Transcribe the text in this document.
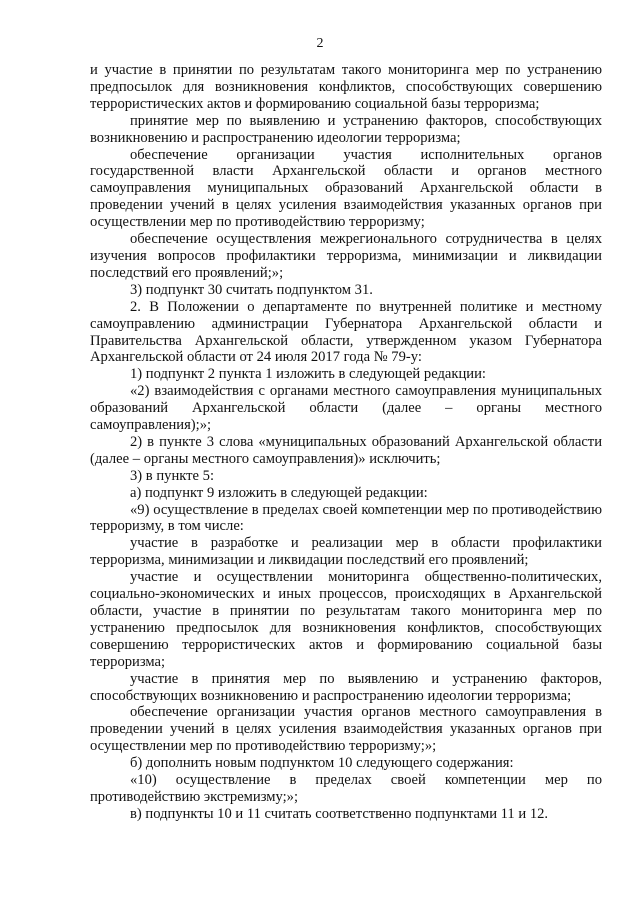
2

и участие в принятии по результатам такого мониторинга мер по устранению предпосылок для возникновения конфликтов, способствующих совершению террористических актов и формированию социальной базы терроризма;

принятие мер по выявлению и устранению факторов, способствующих возникновению и распространению идеологии терроризма;

обеспечение организации участия исполнительных органов государственной власти Архангельской области и органов местного самоуправления муниципальных образований Архангельской области в проведении учений в целях усиления взаимодействия указанных органов при осуществлении мер по противодействию терроризму;

обеспечение осуществления межрегионального сотрудничества в целях изучения вопросов профилактики терроризма, минимизации и ликвидации последствий его проявлений;»;

3) подпункт 30 считать подпунктом 31.

2. В Положении о департаменте по внутренней политике и местному самоуправлению администрации Губернатора Архангельской области и Правительства Архангельской области, утвержденном указом Губернатора Архангельской области от 24 июля 2017 года № 79-у:

1) подпункт 2 пункта 1 изложить в следующей редакции:

«2) взаимодействия с органами местного самоуправления муниципальных образований Архангельской области (далее – органы местного самоуправления);»;

2) в пункте 3 слова «муниципальных образований Архангельской области (далее – органы местного самоуправления)» исключить;

3) в пункте 5:

а) подпункт 9 изложить в следующей редакции:

«9) осуществление в пределах своей компетенции мер по противодействию терроризму, в том числе:

участие в разработке и реализации мер в области профилактики терроризма, минимизации и ликвидации последствий его проявлений;

участие и осуществлении мониторинга общественно-политических, социально-экономических и иных процессов, происходящих в Архангельской области, участие в принятии по результатам такого мониторинга мер по устранению предпосылок для возникновения конфликтов, способствующих совершению террористических актов и формированию социальной базы терроризма;

участие в принятия мер по выявлению и устранению факторов, способствующих возникновению и распространению идеологии терроризма;

обеспечение организации участия органов местного самоуправления в проведении учений в целях усиления взаимодействия указанных органов при осуществлении мер по противодействию терроризму;»;

б) дополнить новым подпунктом 10 следующего содержания:

«10) осуществление в пределах своей компетенции мер по противодействию экстремизму;»;

в) подпункты 10 и 11 считать соответственно подпунктами 11 и 12.
